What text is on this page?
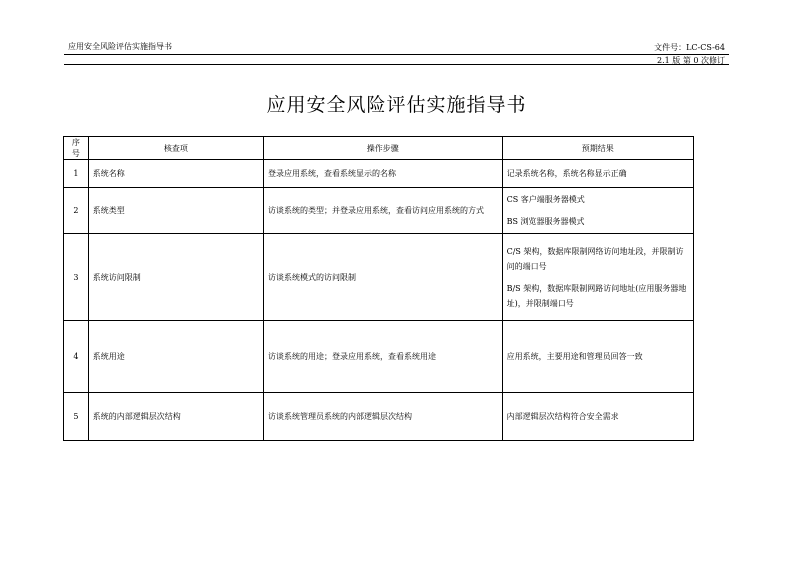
应用安全风险评估实施指导书	文件号：LC-CS-64
2.1 版 第 0 次修订
应用安全风险评估实施指导书
序号	核查项	操作步骤	预期结果
1	系统名称	登录应用系统，查看系统显示的名称	记录系统名称，系统名称显示正确

2	系统类型	访谈系统的类型；并登录应用系统，查看访问应用系统的方式	CS 客户端服务器模式
BS 浏览器服务器模式

3	系统访问限制	访谈系统模式的访问限制	C/S 架构，数据库限制网络访问地址段，并限制访问的端口号
B/S 架构，数据库限制网路访问地址(应用服务器地址)，并限制端口号

4	系统用途	访谈系统的用途；登录应用系统，查看系统用途	应用系统，主要用途和管理员回答一致

5	系统的内部逻辑层次结构	访谈系统管理员系统的内部逻辑层次结构	内部逻辑层次结构符合安全需求
